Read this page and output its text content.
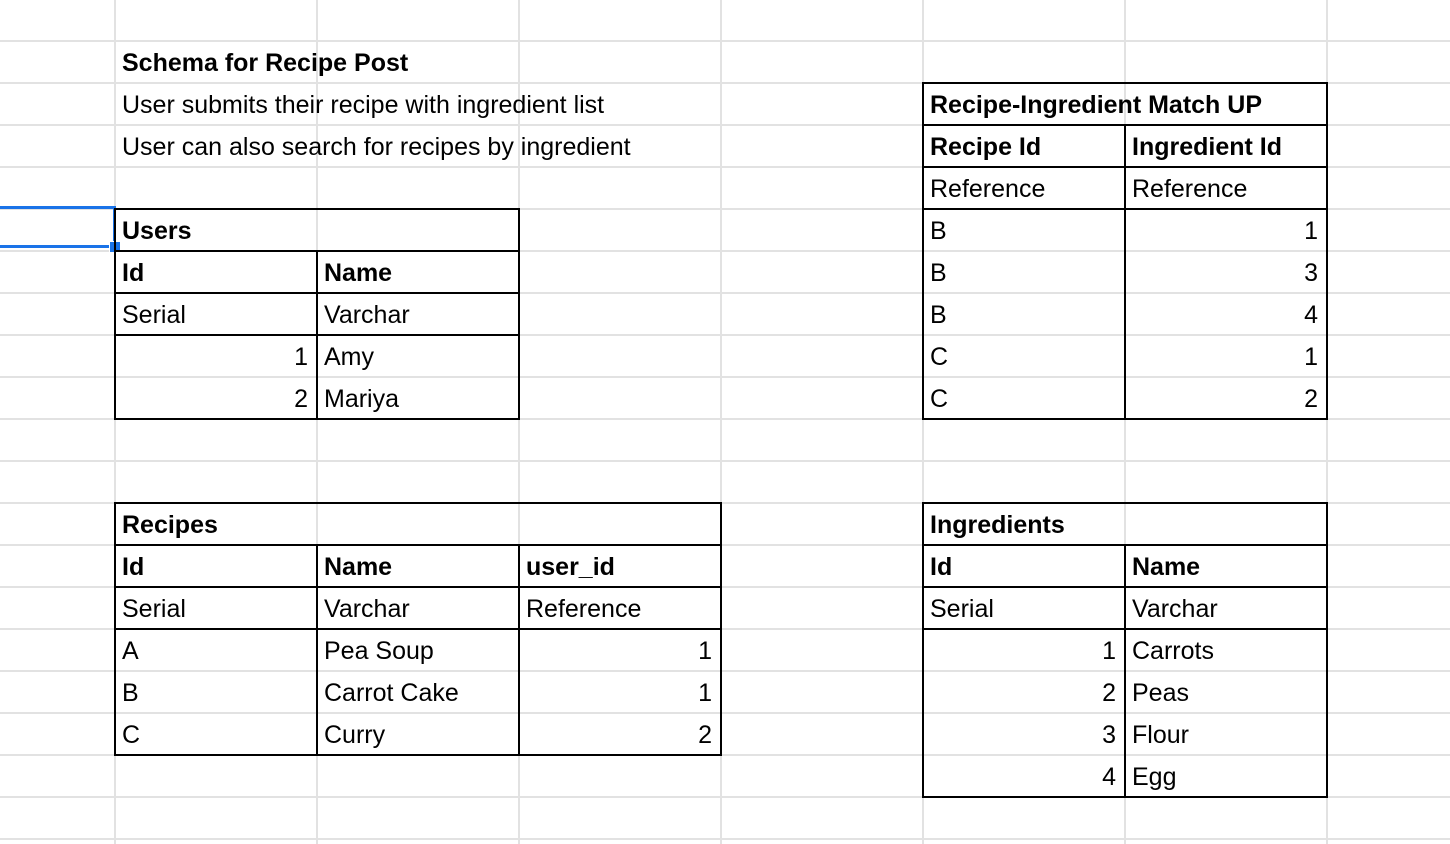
Schema for Recipe Post
User submits their recipe with ingredient list
User can also search for recipes by ingredient
Users
Id	Name
Serial	Varchar
1 Amy
2 Mariya
Recipes
Id	Name	user_id
Serial	Varchar	Reference
A	Pea Soup	1
B	Carrot Cake	1
C	Curry	2
Recipe-Ingredient Match UP
Recipe Id	Ingredient Id
Reference	Reference
B	1
B	3
B	4
C	1
C	2
Ingredients
Id	Name
Serial	Varchar
1 Carrots
2 Peas
3 Flour
4 Egg
